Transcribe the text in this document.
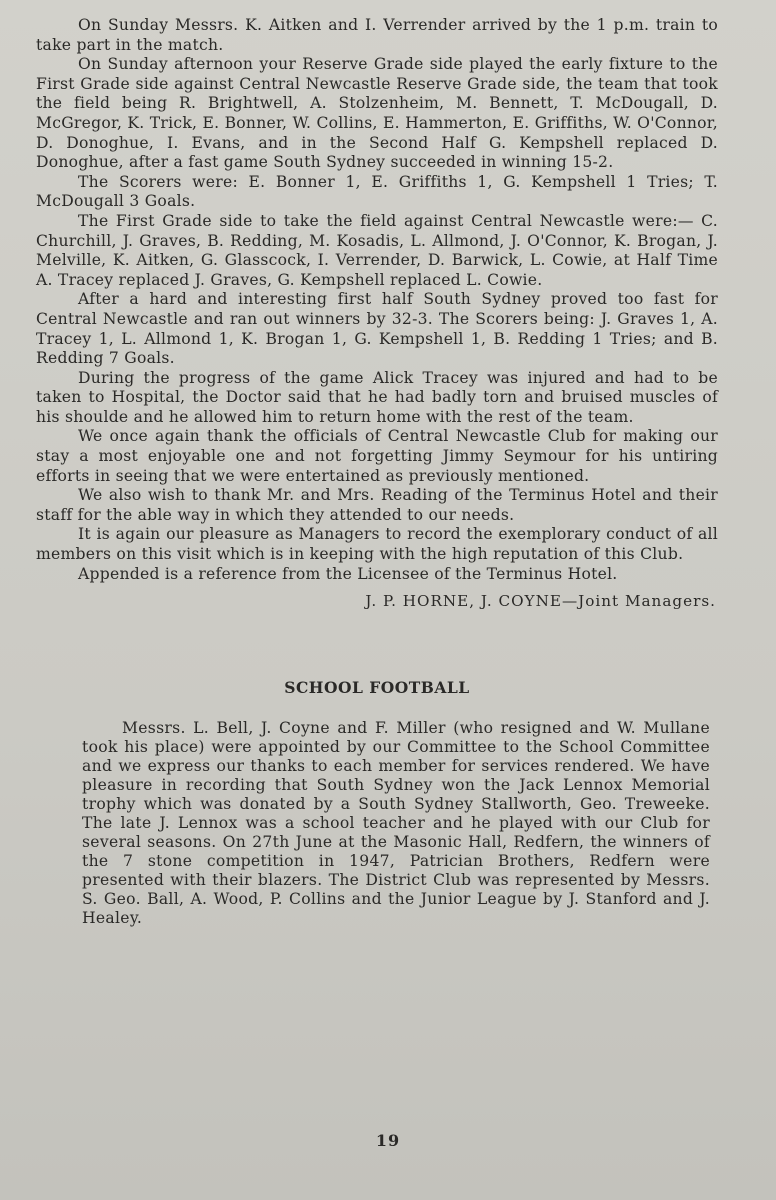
On Sunday Messrs. K. Aitken and I. Verrender arrived by the 1 p.m. train to take part in the match.

On Sunday afternoon your Reserve Grade side played the early fixture to the First Grade side against Central Newcastle Reserve Grade side, the team that took the field being R. Brightwell, A. Stolzenheim, M. Bennett, T. McDougall, D. McGregor, K. Trick, E. Bonner, W. Collins, E. Hammerton, E. Griffiths, W. O'Connor, D. Donoghue, I. Evans, and in the Second Half G. Kempshell replaced D. Donoghue, after a fast game South Sydney succeeded in winning 15-2.

The Scorers were: E. Bonner 1, E. Griffiths 1, G. Kempshell 1 Tries; T. McDougall 3 Goals.

The First Grade side to take the field against Central Newcastle were:— C. Churchill, J. Graves, B. Redding, M. Kosadis, L. Allmond, J. O'Connor, K. Brogan, J. Melville, K. Aitken, G. Glasscock, I. Verrender, D. Barwick, L. Cowie, at Half Time A. Tracey replaced J. Graves, G. Kempshell replaced L. Cowie.

After a hard and interesting first half South Sydney proved too fast for Central Newcastle and ran out winners by 32-3. The Scorers being: J. Graves 1, A. Tracey 1, L. Allmond 1, K. Brogan 1, G. Kempshell 1, B. Redding 1 Tries; and B. Redding 7 Goals.

During the progress of the game Alick Tracey was injured and had to be taken to Hospital, the Doctor said that he had badly torn and bruised muscles of his shoulde and he allowed him to return home with the rest of the team.

We once again thank the officials of Central Newcastle Club for making our stay a most enjoyable one and not forgetting Jimmy Seymour for his untiring efforts in seeing that we were entertained as previously mentioned.

We also wish to thank Mr. and Mrs. Reading of the Terminus Hotel and their staff for the able way in which they attended to our needs.

It is again our pleasure as Managers to record the exemplorary conduct of all members on this visit which is in keeping with the high reputation of this Club.

Appended is a reference from the Licensee of the Terminus Hotel.

J. P. HORNE, J. COYNE—Joint Managers.

SCHOOL FOOTBALL

Messrs. L. Bell, J. Coyne and F. Miller (who resigned and W. Mullane took his place) were appointed by our Committee to the School Committee and we express our thanks to each member for services rendered. We have pleasure in recording that South Sydney won the Jack Lennox Memorial trophy which was donated by a South Sydney Stallworth, Geo. Treweeke. The late J. Lennox was a school teacher and he played with our Club for several seasons. On 27th June at the Masonic Hall, Redfern, the winners of the 7 stone competition in 1947, Patrician Brothers, Redfern were presented with their blazers. The District Club was represented by Messrs. S. Geo. Ball, A. Wood, P. Collins and the Junior League by J. Stanford and J. Healey.

19
